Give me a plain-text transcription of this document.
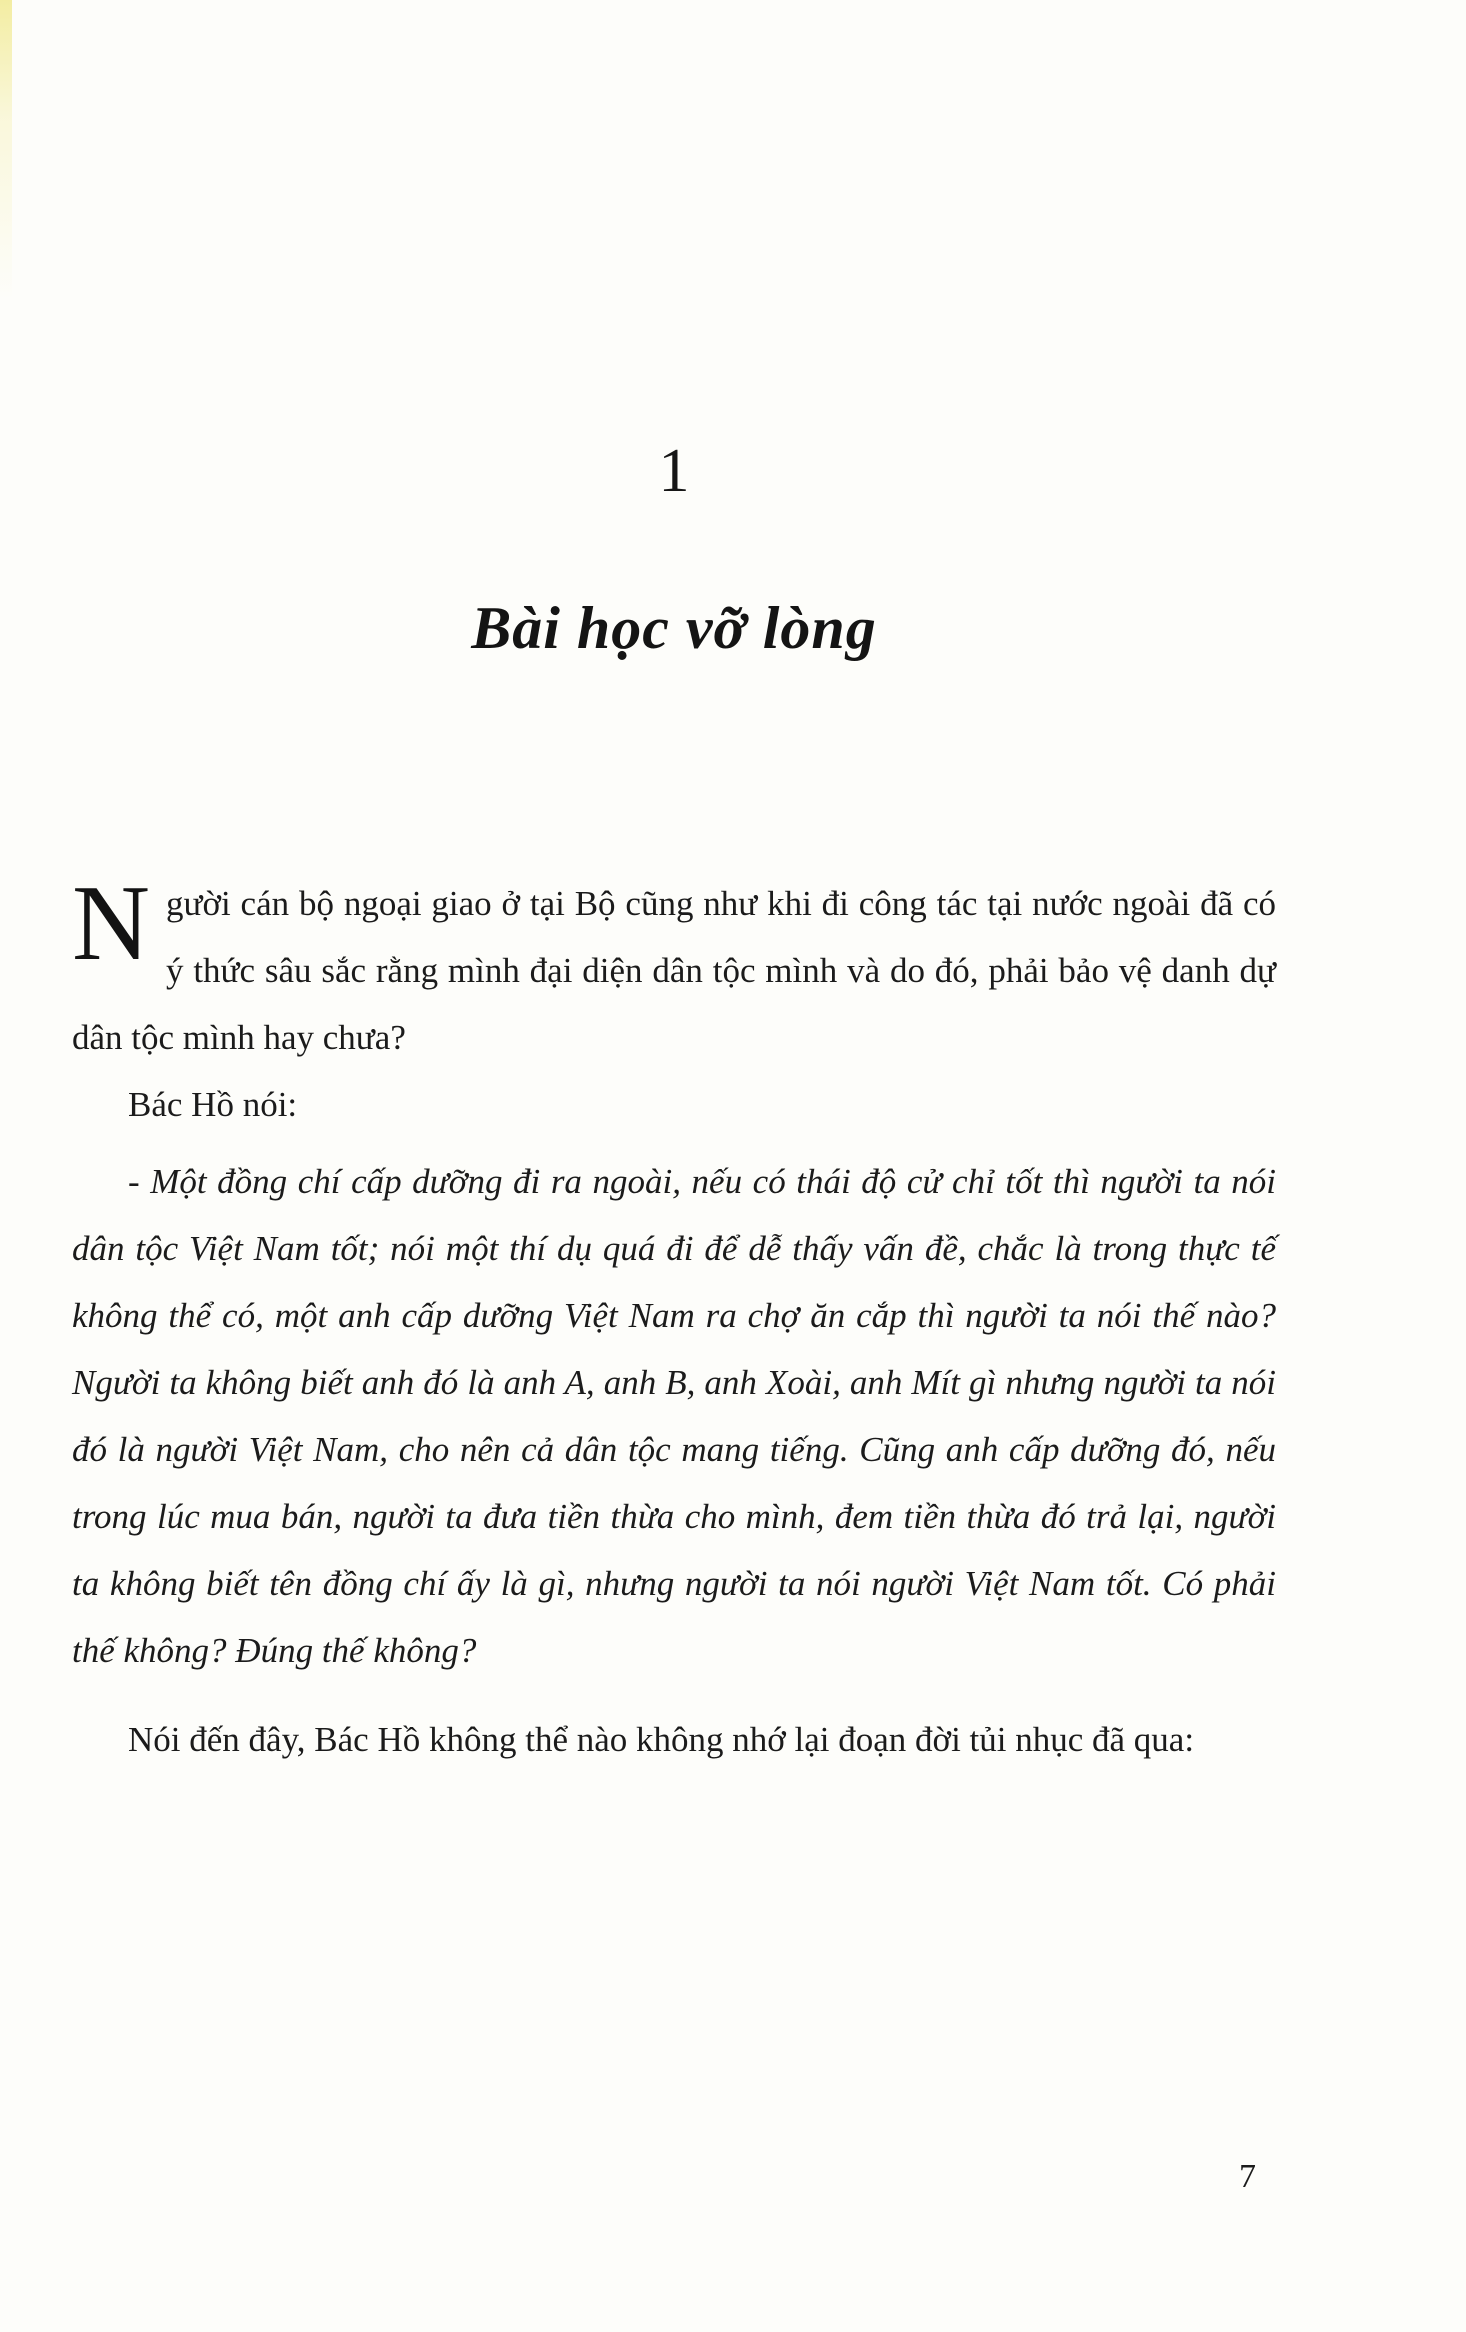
1
Bài học vỡ lòng

Người cán bộ ngoại giao ở tại Bộ cũng như khi đi công tác tại nước ngoài đã có ý thức sâu sắc rằng mình đại diện dân tộc mình và do đó, phải bảo vệ danh dự dân tộc mình hay chưa?

Bác Hồ nói:

- Một đồng chí cấp dưỡng đi ra ngoài, nếu có thái độ cử chỉ tốt thì người ta nói dân tộc Việt Nam tốt; nói một thí dụ quá đi để dễ thấy vấn đề, chắc là trong thực tế không thể có, một anh cấp dưỡng Việt Nam ra chợ ăn cắp thì người ta nói thế nào? Người ta không biết anh đó là anh A, anh B, anh Xoài, anh Mít gì nhưng người ta nói đó là người Việt Nam, cho nên cả dân tộc mang tiếng. Cũng anh cấp dưỡng đó, nếu trong lúc mua bán, người ta đưa tiền thừa cho mình, đem tiền thừa đó trả lại, người ta không biết tên đồng chí ấy là gì, nhưng người ta nói người Việt Nam tốt. Có phải thế không? Đúng thế không?

Nói đến đây, Bác Hồ không thể nào không nhớ lại đoạn đời tủi nhục đã qua:

7
